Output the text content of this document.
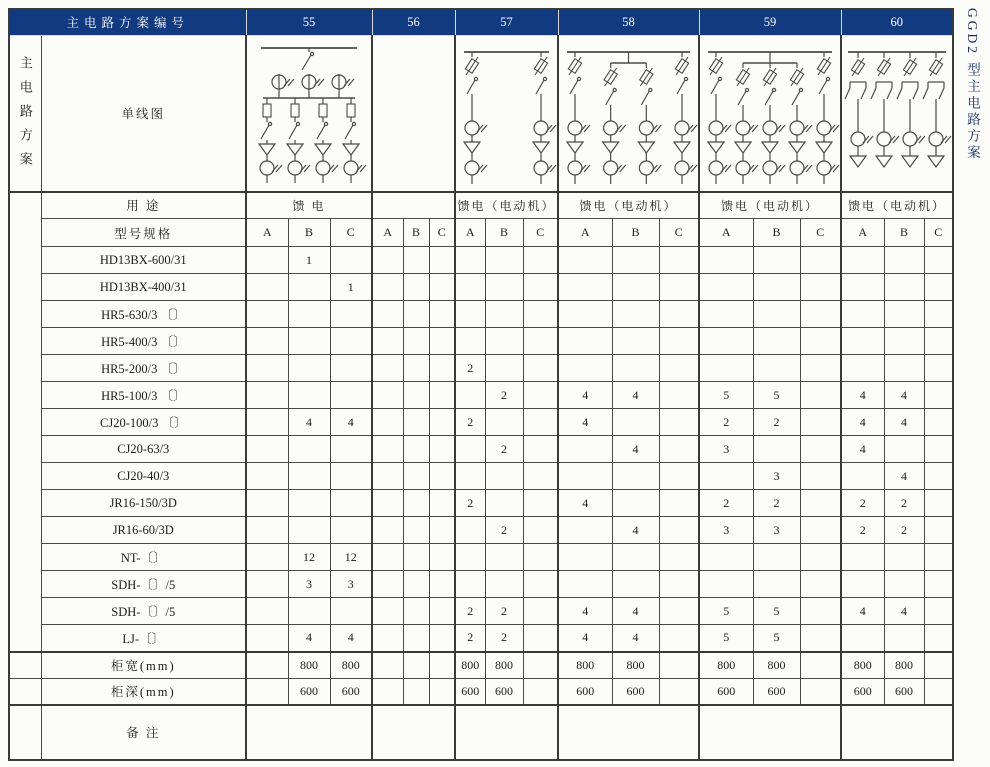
主电路方案编号		55			56			57			58			59			60		
主电路方案	单线图	

	用 途	馈 电						馈电（电动机）			馈电（电动机）			馈电（电动机）			馈电（电动机）		
	型号规格	A	B	C	A	B	C	A	B	C	A	B	C	A	B	C	A	B	C
	HD13BX-600/31		1																
	HD13BX-400/31			1															
	HR5-630/3 〔〕																		
	HR5-400/3 〔〕																		
	HR5-200/3 〔〕							2											
	HR5-100/3 〔〕								2		4	4		5	5		4	4	
	CJ20-100/3 〔〕		4	4				2			4			2	2		4	4	
	CJ20-63/3								2			4		3			4		
	CJ20-40/3														3			4	
	JR16-150/3D							2			4			2	2		2	2	
	JR16-60/3D								2			4		3	3		2	2	
	NT-〔〕		12	12															
	SDH-〔〕/5		3	3															
	SDH-〔〕/5							2	2		4	4		5	5		4	4	
	LJ-〔〕		4	4				2	2		4	4		5	5				
	柜宽(mm)		800	800				800	800		800	800		800	800		800	800	
	柜深(mm)		600	600				600	600		600	600		600	600		600	600	
	备 注																		
GGD2 型主电路方案
